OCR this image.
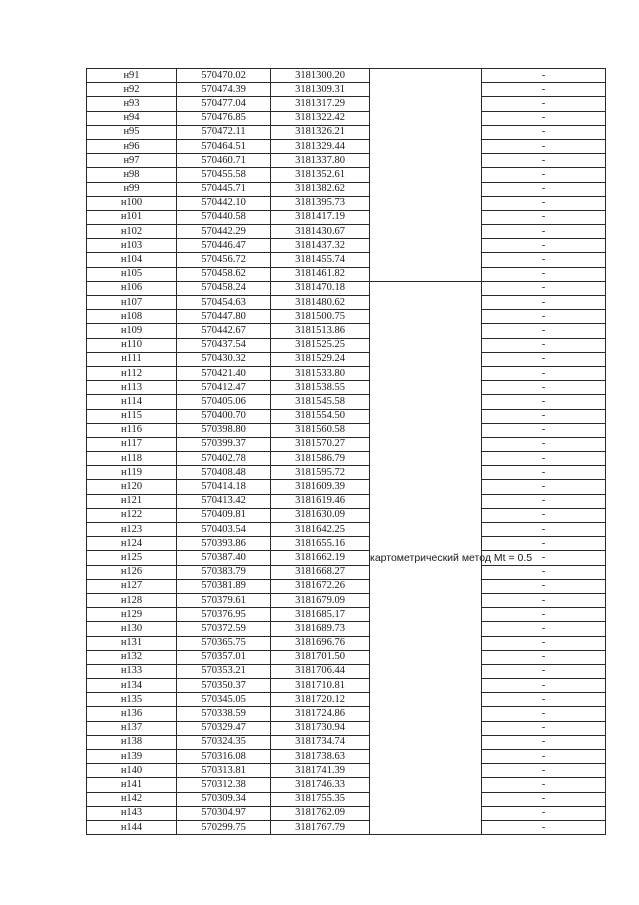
н91	570470.02	3181300.20		-
н92	570474.39	3181309.31		-
н93	570477.04	3181317.29		-
н94	570476.85	3181322.42		-
н95	570472.11	3181326.21		-
н96	570464.51	3181329.44		-
н97	570460.71	3181337.80		-
н98	570455.58	3181352.61		-
н99	570445.71	3181382.62		-
н100	570442.10	3181395.73		-
н101	570440.58	3181417.19		-
н102	570442.29	3181430.67		-
н103	570446.47	3181437.32		-
н104	570456.72	3181455.74		-
н105	570458.62	3181461.82		-
н106	570458.24	3181470.18	картометрический метод Mt = 0.5	-
н107	570454.63	3181480.62		-
н108	570447.80	3181500.75		-
н109	570442.67	3181513.86		-
н110	570437.54	3181525.25		-
н111	570430.32	3181529.24		-
н112	570421.40	3181533.80		-
н113	570412.47	3181538.55		-
н114	570405.06	3181545.58		-
н115	570400.70	3181554.50		-
н116	570398.80	3181560.58		-
н117	570399.37	3181570.27		-
н118	570402.78	3181586.79		-
н119	570408.48	3181595.72		-
н120	570414.18	3181609.39		-
н121	570413.42	3181619.46		-
н122	570409.81	3181630.09		-
н123	570403.54	3181642.25		-
н124	570393.86	3181655.16		-
н125	570387.40	3181662.19		-
н126	570383.79	3181668.27		-
н127	570381.89	3181672.26		-
н128	570379.61	3181679.09		-
н129	570376.95	3181685.17		-
н130	570372.59	3181689.73		-
н131	570365.75	3181696.76		-
н132	570357.01	3181701.50		-
н133	570353.21	3181706.44		-
н134	570350.37	3181710.81		-
н135	570345.05	3181720.12		-
н136	570338.59	3181724.86		-
н137	570329.47	3181730.94		-
н138	570324.35	3181734.74		-
н139	570316.08	3181738.63		-
н140	570313.81	3181741.39		-
н141	570312.38	3181746.33		-
н142	570309.34	3181755.35		-
н143	570304.97	3181762.09		-
н144	570299.75	3181767.79		-
